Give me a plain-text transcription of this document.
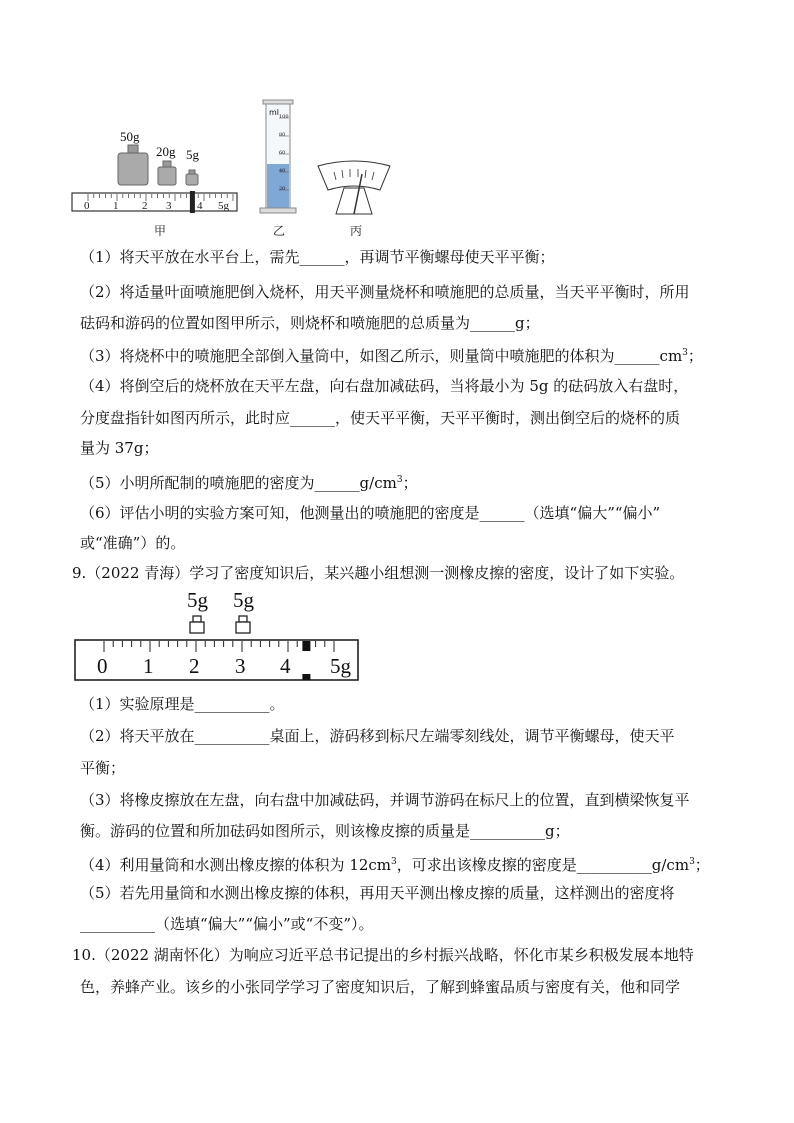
50g
20g 5g
0 1 2 3 4 5g
甲
ml 100
80
60
40
20
乙	丙
（1）将天平放在水平台上，需先______，再调节平衡螺母使天平平衡；
（2）将适量叶面喷施肥倒入烧杯，用天平测量烧杯和喷施肥的总质量，当天平平衡时，所用
砝码和游码的位置如图甲所示，则烧杯和喷施肥的总质量为______g；
（3）将烧杯中的喷施肥全部倒入量筒中，如图乙所示，则量筒中喷施肥的体积为$\_\_\_\_\_\_cm^3$；
（4）将倒空后的烧杯放在天平左盘，向右盘加减砝码，当将最小为 5g 的砝码放入右盘时，
分度盘指针如图丙所示，此时应______，使天平平衡，天平平衡时，测出倒空后的烧杯的质
量为 37g；
（5）小明所配制的喷施肥的密度为$\_\_\_\_\_\_g/cm^3$；
（6）评估小明的实验方案可知，他测量出的喷施肥的密度是______（选填“偏大”“偏小”
或“准确”）的。
9.（2022 青海）学习了密度知识后，某兴趣小组想测一测橡皮擦的密度，设计了如下实验。
5g 5g
0 1 2 3 4 5g
（1）实验原理是__________。
（2）将天平放在__________桌面上，游码移到标尺左端零刻线处，调节平衡螺母，使天平
平衡；
（3）将橡皮擦放在左盘，向右盘中加减砝码，并调节游码在标尺上的位置，直到横梁恢复平
衡。游码的位置和所加砝码如图所示，则该橡皮擦的质量是__________g；
（4）利用量筒和水测出橡皮擦的体积为 $12cm^3$，可求出该橡皮擦的密度是$\_\_\_\_\_\_\_\_\_\_g/cm^3$；
（5）若先用量筒和水测出橡皮擦的体积，再用天平测出橡皮擦的质量，这样测出的密度将
__________（选填“偏大”“偏小”或“不变”）。
10.（2022 湖南怀化）为响应习近平总书记提出的乡村振兴战略，怀化市某乡积极发展本地特
色，养蜂产业。该乡的小张同学学习了密度知识后，了解到蜂蜜品质与密度有关，他和同学
